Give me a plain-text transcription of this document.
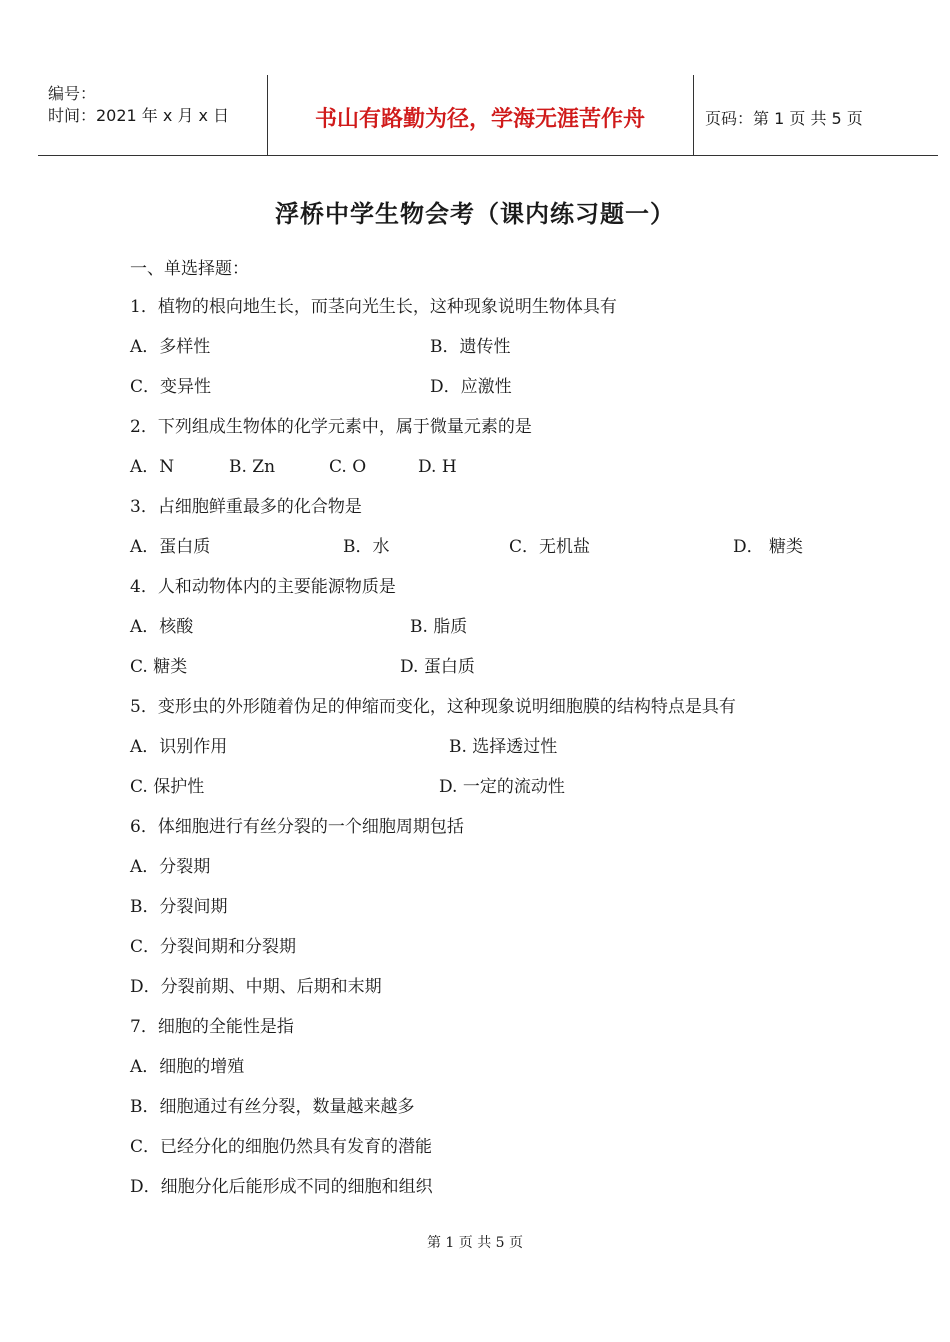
编号：
时间：2021 年 x 月 x 日	书山有路勤为径，学海无涯苦作舟	页码：第 1 页 共 5 页
浮桥中学生物会考（课内练习题一）
一、单选择题：
1．植物的根向地生长，而茎向光生长，这种现象说明生物体具有
A．多样性	B．遗传性
C．变异性	D．应激性
2．下列组成生物体的化学元素中，属于微量元素的是
A．N	B. Zn	C. O	D. H
3．占细胞鲜重最多的化合物是
A．蛋白质	B．水	C．无机盐	D． 糖类
4．人和动物体内的主要能源物质是
A．核酸	B. 脂质
C. 糖类	D. 蛋白质
5．变形虫的外形随着伪足的伸缩而变化，这种现象说明细胞膜的结构特点是具有
A．识别作用	B. 选择透过性
C. 保护性	D. 一定的流动性
6．体细胞进行有丝分裂的一个细胞周期包括
A．分裂期
B．分裂间期
C．分裂间期和分裂期
D．分裂前期、中期、后期和末期
7．细胞的全能性是指
A．细胞的增殖
B．细胞通过有丝分裂，数量越来越多
C．已经分化的细胞仍然具有发育的潜能
D．细胞分化后能形成不同的细胞和组织
第 1 页 共 5 页
